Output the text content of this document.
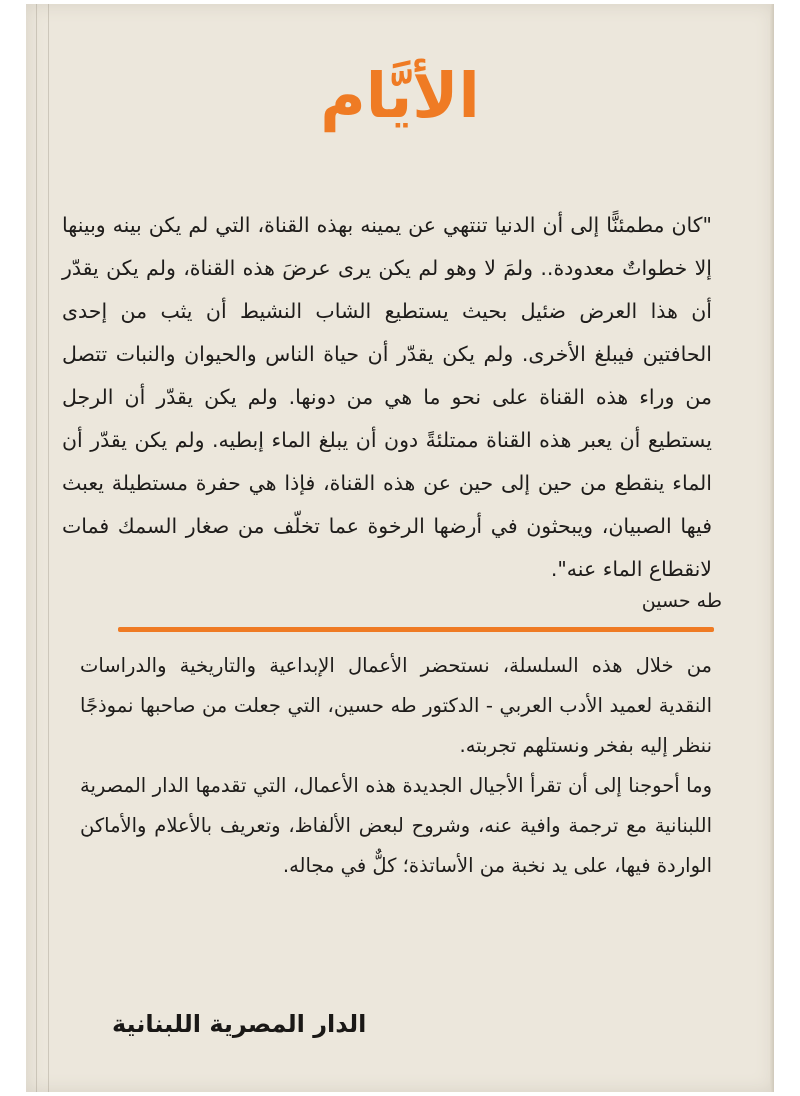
الأيَّام

"كان مطمئنًّا إلى أن الدنيا تنتهي عن يمينه بهذه القناة، التي لم يكن بينه وبينها إلا خطواتٌ معدودة.. ولمَ لا وهو لم يكن يرى عرضَ هذه القناة، ولم يكن يقدّر أن هذا العرض ضئيل بحيث يستطيع الشاب النشيط أن يثب من إحدى الحافتين فيبلغ الأخرى. ولم يكن يقدّر أن حياة الناس والحيوان والنبات تتصل من وراء هذه القناة على نحو ما هي من دونها. ولم يكن يقدّر أن الرجل يستطيع أن يعبر هذه القناة ممتلئةً دون أن يبلغ الماء إبطيه. ولم يكن يقدّر أن الماء ينقطع من حين إلى حين عن هذه القناة، فإذا هي حفرة مستطيلة يعبث فيها الصبيان، ويبحثون في أرضها الرخوة عما تخلّف من صغار السمك فمات لانقطاع الماء عنه".

طه حسين

من خلال هذه السلسلة، نستحضر الأعمال الإبداعية والتاريخية والدراسات النقدية لعميد الأدب العربي - الدكتور طه حسين، التي جعلت من صاحبها نموذجًا ننظر إليه بفخر ونستلهم تجربته.

وما أحوجنا إلى أن تقرأ الأجيال الجديدة هذه الأعمال، التي تقدمها الدار المصرية اللبنانية مع ترجمة وافية عنه، وشروح لبعض الألفاظ، وتعريف بالأعلام والأماكن الواردة فيها، على يد نخبة من الأساتذة؛ كلٌّ في مجاله.

الدار المصرية اللبنانية
